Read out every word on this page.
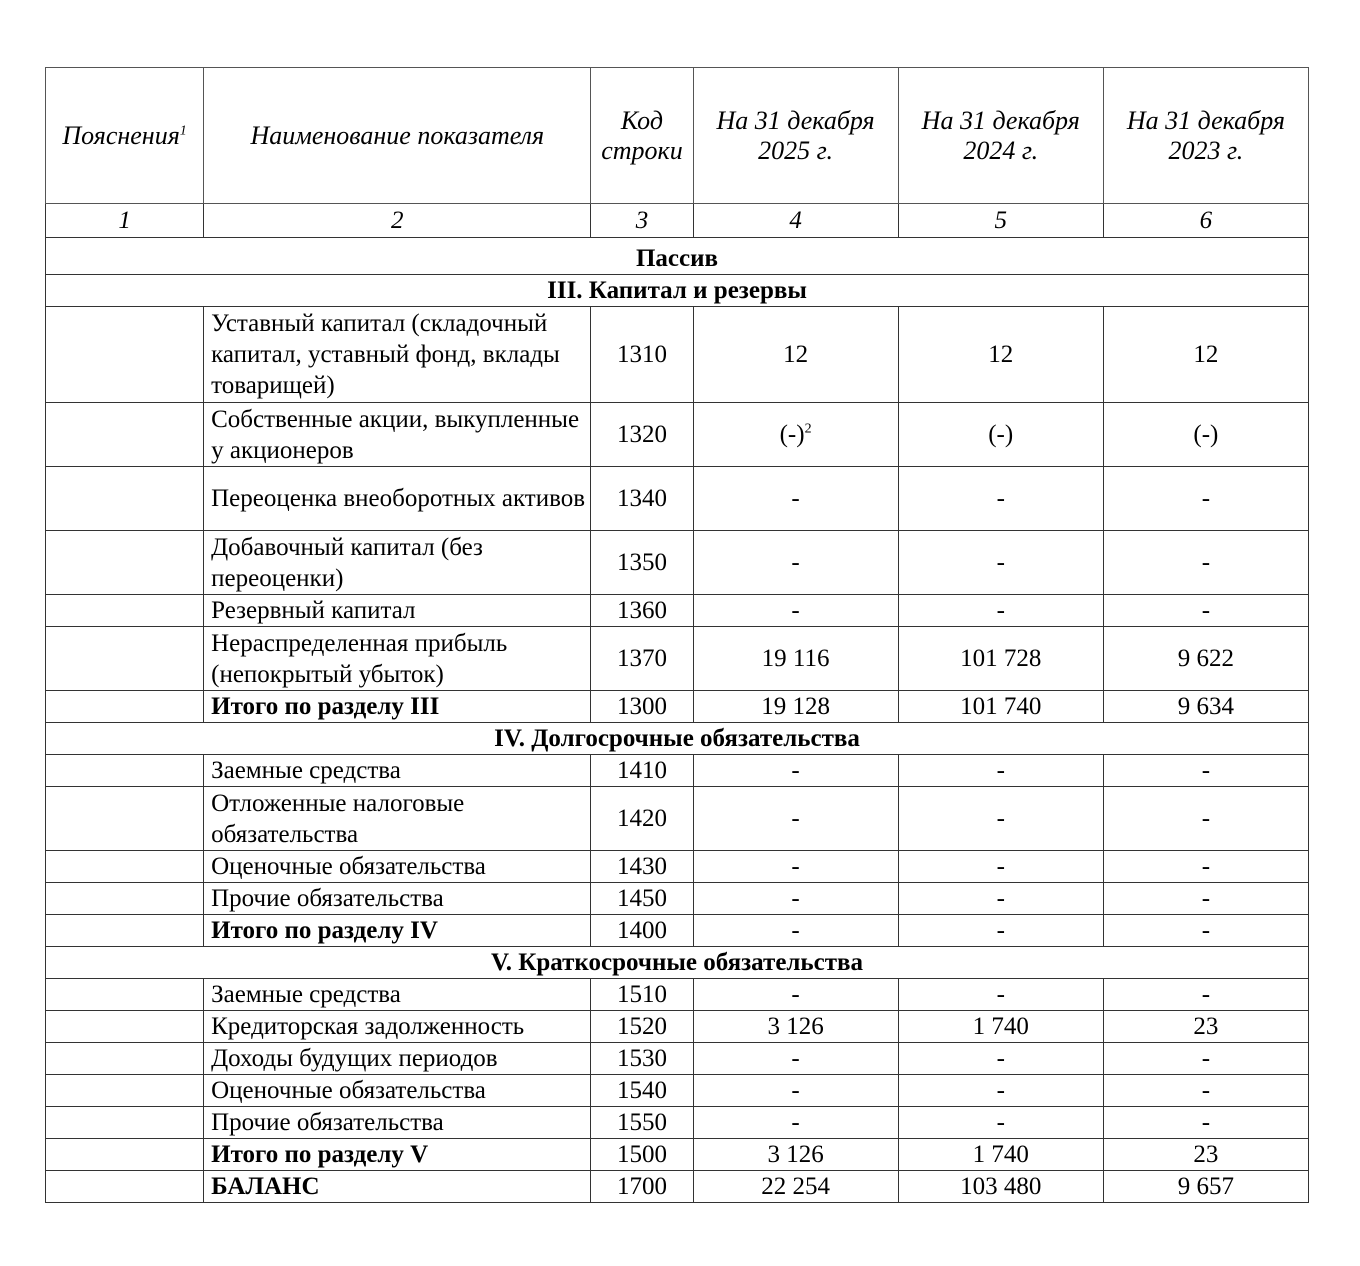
Пояснения$^1$	Наименование показателя	Код строки	На 31 декабря 2025 г.	На 31 декабря 2024 г.	На 31 декабря 2023 г.
1	2	3	4	5	6
Пассив					
III. Капитал и резервы					
	Уставный капитал (складочный капитал, уставный фонд, вклады товарищей)	1310	12	12	12
	Собственные акции, выкупленные у акционеров	1320	$(-)^2$	(-)	(-)
	Переоценка внеоборотных активов	1340	-	-	-
	Добавочный капитал (без переоценки)	1350	-	-	-
	Резервный капитал	1360	-	-	-
	Нераспределенная прибыль (непокрытый убыток)	1370	19 116	101 728	9 622
	Итого по разделу III	1300	19 128	101 740	9 634
IV. Долгосрочные обязательства					
	Заемные средства	1410	-	-	-
	Отложенные налоговые обязательства	1420	-	-	-
	Оценочные обязательства	1430	-	-	-
	Прочие обязательства	1450	-	-	-
	Итого по разделу IV	1400	-	-	-
V. Краткосрочные обязательства					
	Заемные средства	1510	-	-	-
	Кредиторская задолженность	1520	3 126	1 740	23
	Доходы будущих периодов	1530	-	-	-
	Оценочные обязательства	1540	-	-	-
	Прочие обязательства	1550	-	-	-
	Итого по разделу V	1500	3 126	1 740	23
	БАЛАНС	1700	22 254	103 480	9 657
